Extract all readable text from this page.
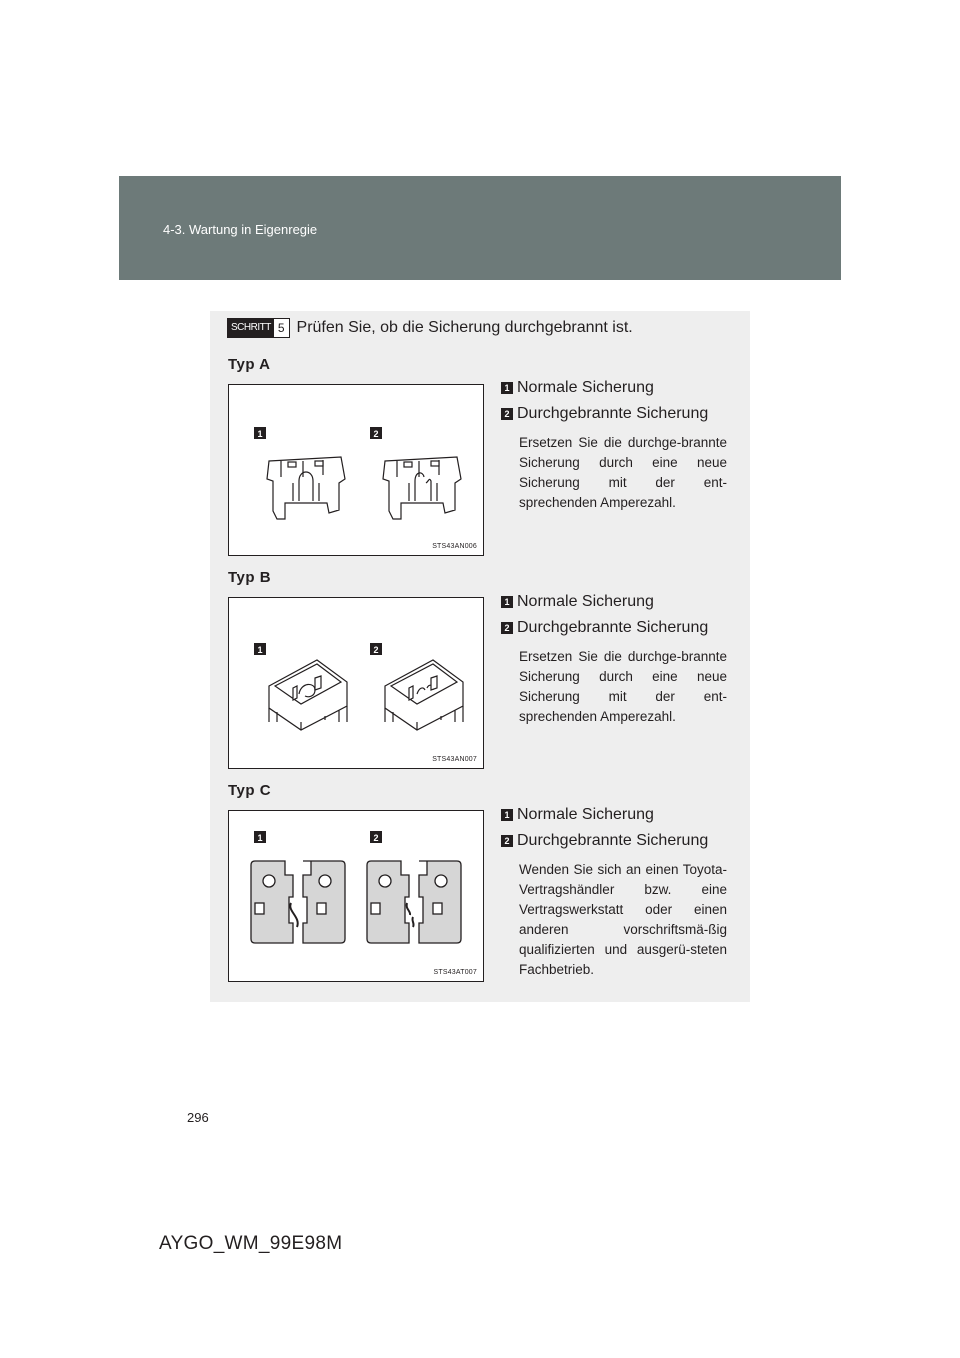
4-3. Wartung in Eigenregie
SCHRITT 5 Prüfen Sie, ob die Sicherung durchgebrannt ist.
Typ A
1	2
STS43AN006
1 Normale Sicherung
2 Durchgebrannte Sicherung
Ersetzen Sie die durchge-brannte Sicherung durch eine neue Sicherung mit der ent-sprechenden Amperezahl.
Typ B
1	2
STS43AN007
1 Normale Sicherung
2 Durchgebrannte Sicherung
Ersetzen Sie die durchge-brannte Sicherung durch eine neue Sicherung mit der ent-sprechenden Amperezahl.
Typ C
1	2
STS43AT007
1 Normale Sicherung
2 Durchgebrannte Sicherung
Wenden Sie sich an einen Toyota-Vertragshändler bzw. eine Vertragswerkstatt oder einen anderen vorschriftsmä-ßig qualifizierten und ausgerü-steten Fachbetrieb.
296
AYGO_WM_99E98M
